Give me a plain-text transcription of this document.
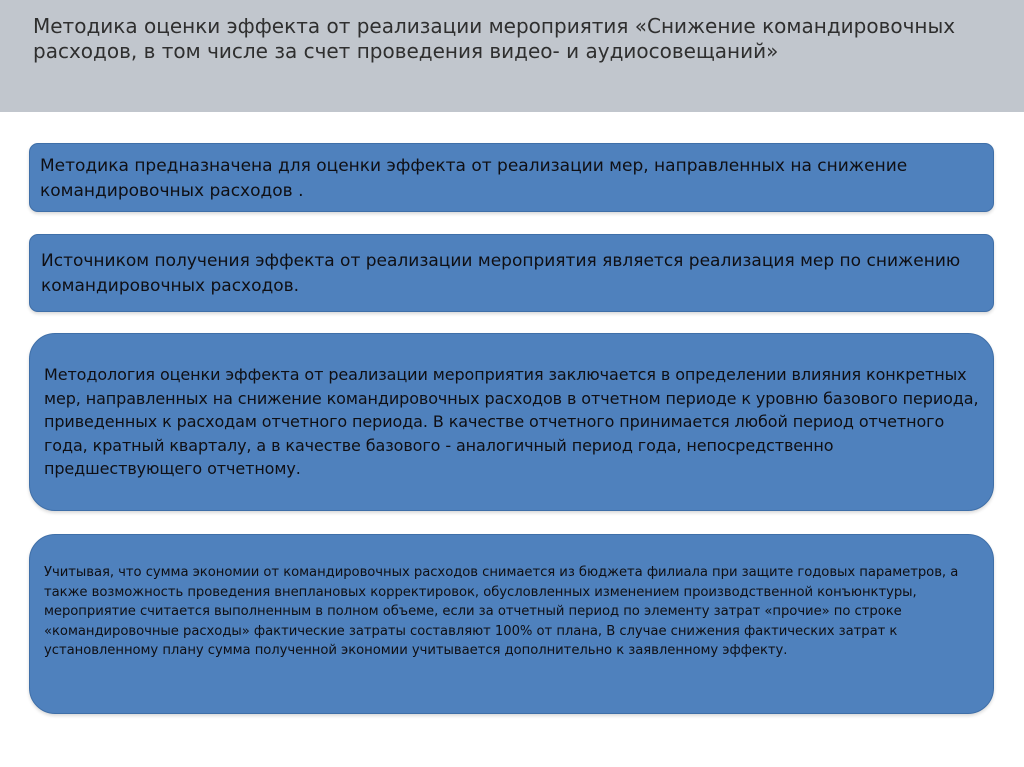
Методика оценки эффекта от реализации мероприятия «Снижение командировочных расходов, в том числе за счет проведения видео- и аудиосовещаний»

Методика предназначена для оценки эффекта от реализации мер, направленных на снижение командировочных расходов .

Источником получения эффекта от реализации мероприятия является реализация мер по снижению командировочных расходов.

Методология оценки эффекта от реализации мероприятия заключается в определении влияния конкретных мер, направленных на снижение командировочных расходов в отчетном периоде к уровню базового периода, приведенных к расходам отчетного периода. В качестве отчетного принимается любой период отчетного года, кратный кварталу, а в качестве базового - аналогичный период года, непосредственно предшествующего отчетному.

Учитывая, что сумма экономии от командировочных расходов снимается из бюджета филиала при защите годовых параметров, а также возможность проведения внеплановых корректировок, обусловленных изменением производственной конъюнктуры, мероприятие считается выполненным в полном объеме, если за отчетный период по элементу затрат «прочие» по строке «командировочные расходы» фактические затраты составляют 100% от плана, В случае снижения фактических затрат к установленному плану сумма полученной экономии учитывается дополнительно к заявленному эффекту.
